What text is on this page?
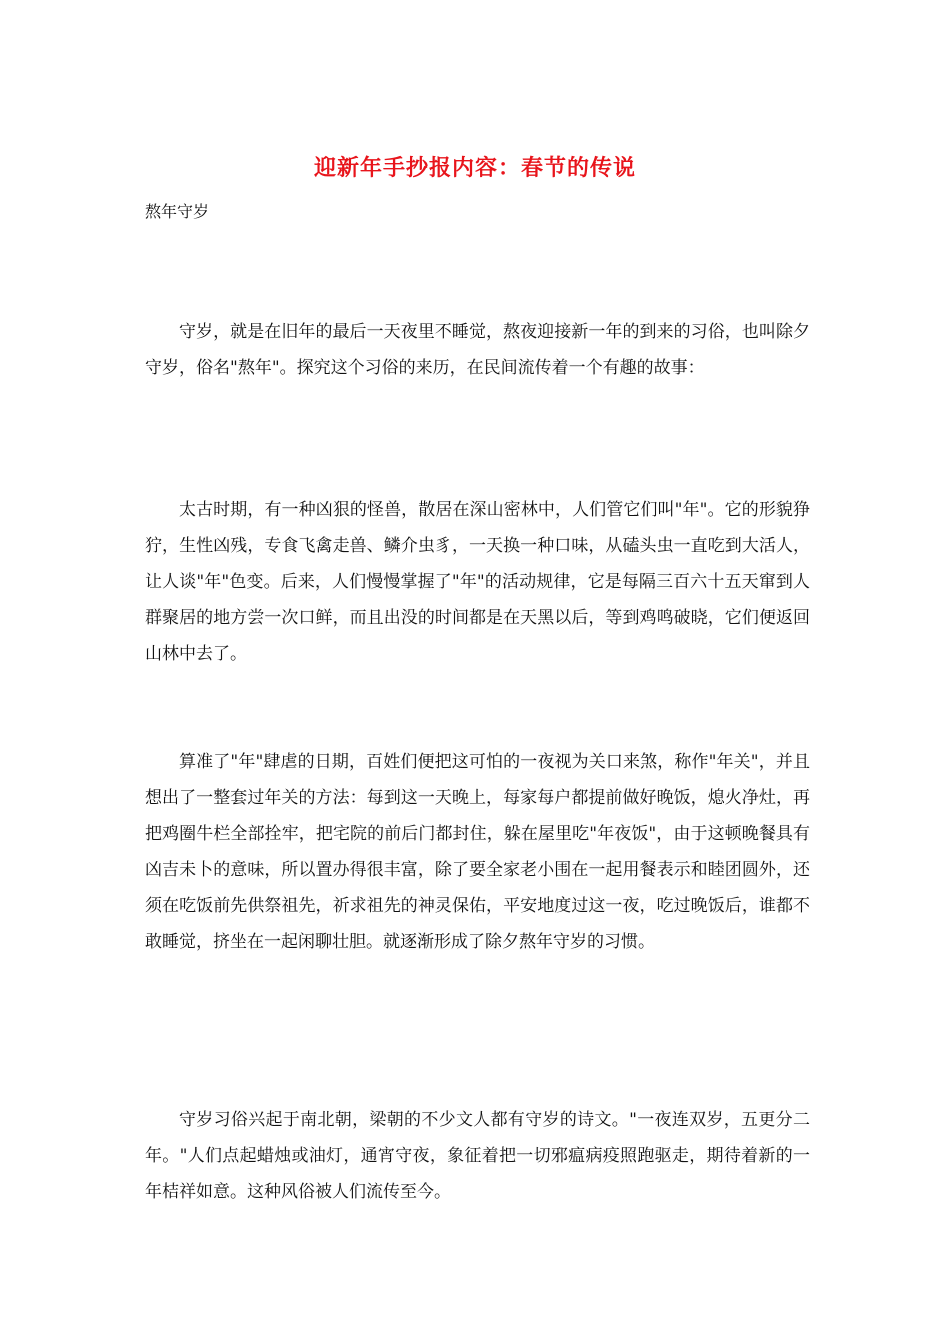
迎新年手抄报内容：春节的传说
熬年守岁

守岁，就是在旧年的最后一天夜里不睡觉，熬夜迎接新一年的到来的习俗，也叫除夕守岁，俗名"熬年"。探究这个习俗的来历，在民间流传着一个有趣的故事：

太古时期，有一种凶狠的怪兽，散居在深山密林中，人们管它们叫"年"。它的形貌狰狞，生性凶残，专食飞禽走兽、鳞介虫豸，一天换一种口味，从磕头虫一直吃到大活人，让人谈"年"色变。后来，人们慢慢掌握了"年"的活动规律，它是每隔三百六十五天窜到人群聚居的地方尝一次口鲜，而且出没的时间都是在天黑以后，等到鸡鸣破晓，它们便返回山林中去了。

算准了"年"肆虐的日期，百姓们便把这可怕的一夜视为关口来煞，称作"年关"，并且想出了一整套过年关的方法：每到这一天晚上，每家每户都提前做好晚饭，熄火净灶，再把鸡圈牛栏全部拴牢，把宅院的前后门都封住，躲在屋里吃"年夜饭"，由于这顿晚餐具有凶吉未卜的意味，所以置办得很丰富，除了要全家老小围在一起用餐表示和睦团圆外，还须在吃饭前先供祭祖先，祈求祖先的神灵保佑，平安地度过这一夜，吃过晚饭后，谁都不敢睡觉，挤坐在一起闲聊壮胆。就逐渐形成了除夕熬年守岁的习惯。

守岁习俗兴起于南北朝，梁朝的不少文人都有守岁的诗文。"一夜连双岁，五更分二年。"人们点起蜡烛或油灯，通宵守夜，象征着把一切邪瘟病疫照跑驱走，期待着新的一年桔祥如意。这种风俗被人们流传至今。
